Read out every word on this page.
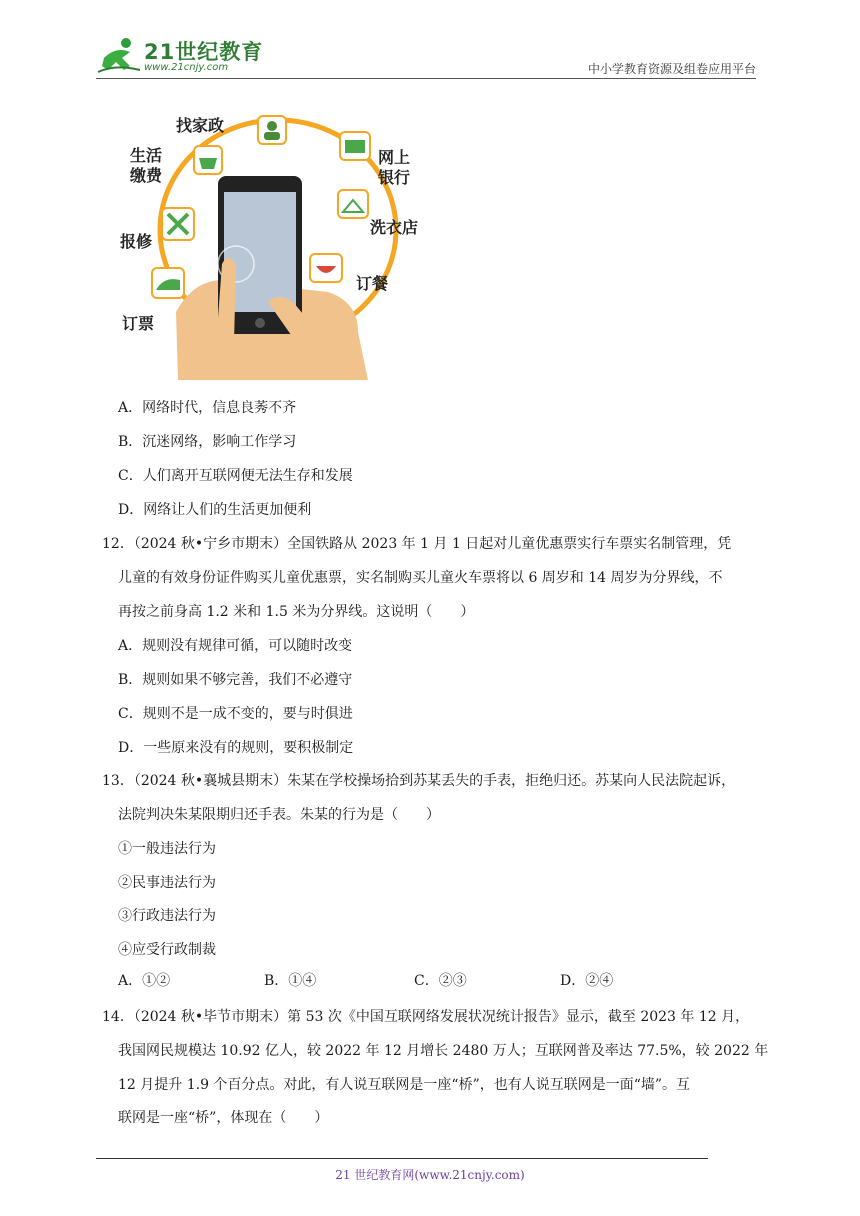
21世纪教育
www.21cnjy.com	中小学教育资源及组卷应用平台
找家政
生活
缴费
网上
银行
洗衣店
报修
订餐
订票
A．网络时代，信息良莠不齐
B．沉迷网络，影响工作学习
C．人们离开互联网便无法生存和发展
D．网络让人们的生活更加便利
12．（2024 秋•宁乡市期末）全国铁路从 2023 年 1 月 1 日起对儿童优惠票实行车票实名制管理，凭
儿童的有效身份证件购买儿童优惠票，实名制购买儿童火车票将以 6 周岁和 14 周岁为分界线，不
再按之前身高 1.2 米和 1.5 米为分界线。这说明（　　）
A．规则没有规律可循，可以随时改变
B．规则如果不够完善，我们不必遵守
C．规则不是一成不变的，要与时俱进
D．一些原来没有的规则，要积极制定
13．（2024 秋•襄城县期末）朱某在学校操场拾到苏某丢失的手表，拒绝归还。苏某向人民法院起诉，
法院判决朱某限期归还手表。朱某的行为是（　　）
①一般违法行为
②民事违法行为
③行政违法行为
④应受行政制裁
A．①②	B．①④	C．②③	D．②④
14．（2024 秋•毕节市期末）第 53 次《中国互联网络发展状况统计报告》显示，截至 2023 年 12 月，
我国网民规模达 10.92 亿人，较 2022 年 12 月增长 2480 万人；互联网普及率达 77.5%，较 2022 年
12 月提升 1.9 个百分点。对此，有人说互联网是一座“桥”，也有人说互联网是一面“墙”。互
联网是一座“桥”，体现在（　　）
21 世纪教育网(www.21cnjy.com)
